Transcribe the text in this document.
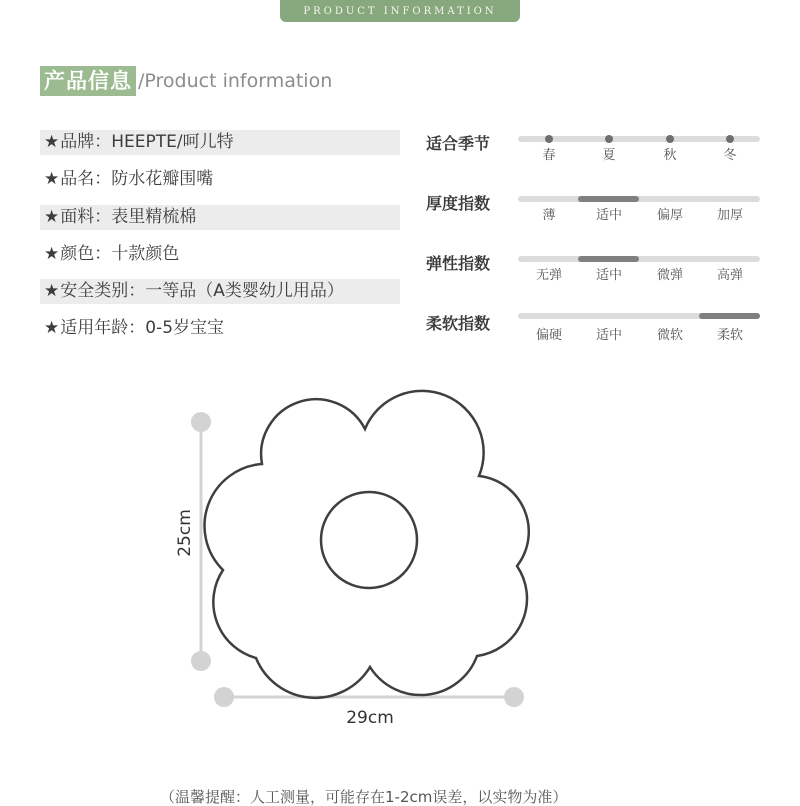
PRODUCT INFORMATION
产品信息 /Product information
★品牌：HEEPTE/呵儿特
★品名：防水花瓣围嘴
★面料：表里精梳棉
★颜色：十款颜色
★安全类别：一等品（A类婴幼儿用品）
★适用年龄：0-5岁宝宝
适合季节
春	夏	秋	冬
厚度指数
薄	适中	偏厚	加厚
弹性指数
无弹	适中	微弹	高弹
柔软指数
偏硬	适中	微软	柔软
25cm
29cm
（温馨提醒：人工测量，可能存在1-2cm误差，以实物为准）
